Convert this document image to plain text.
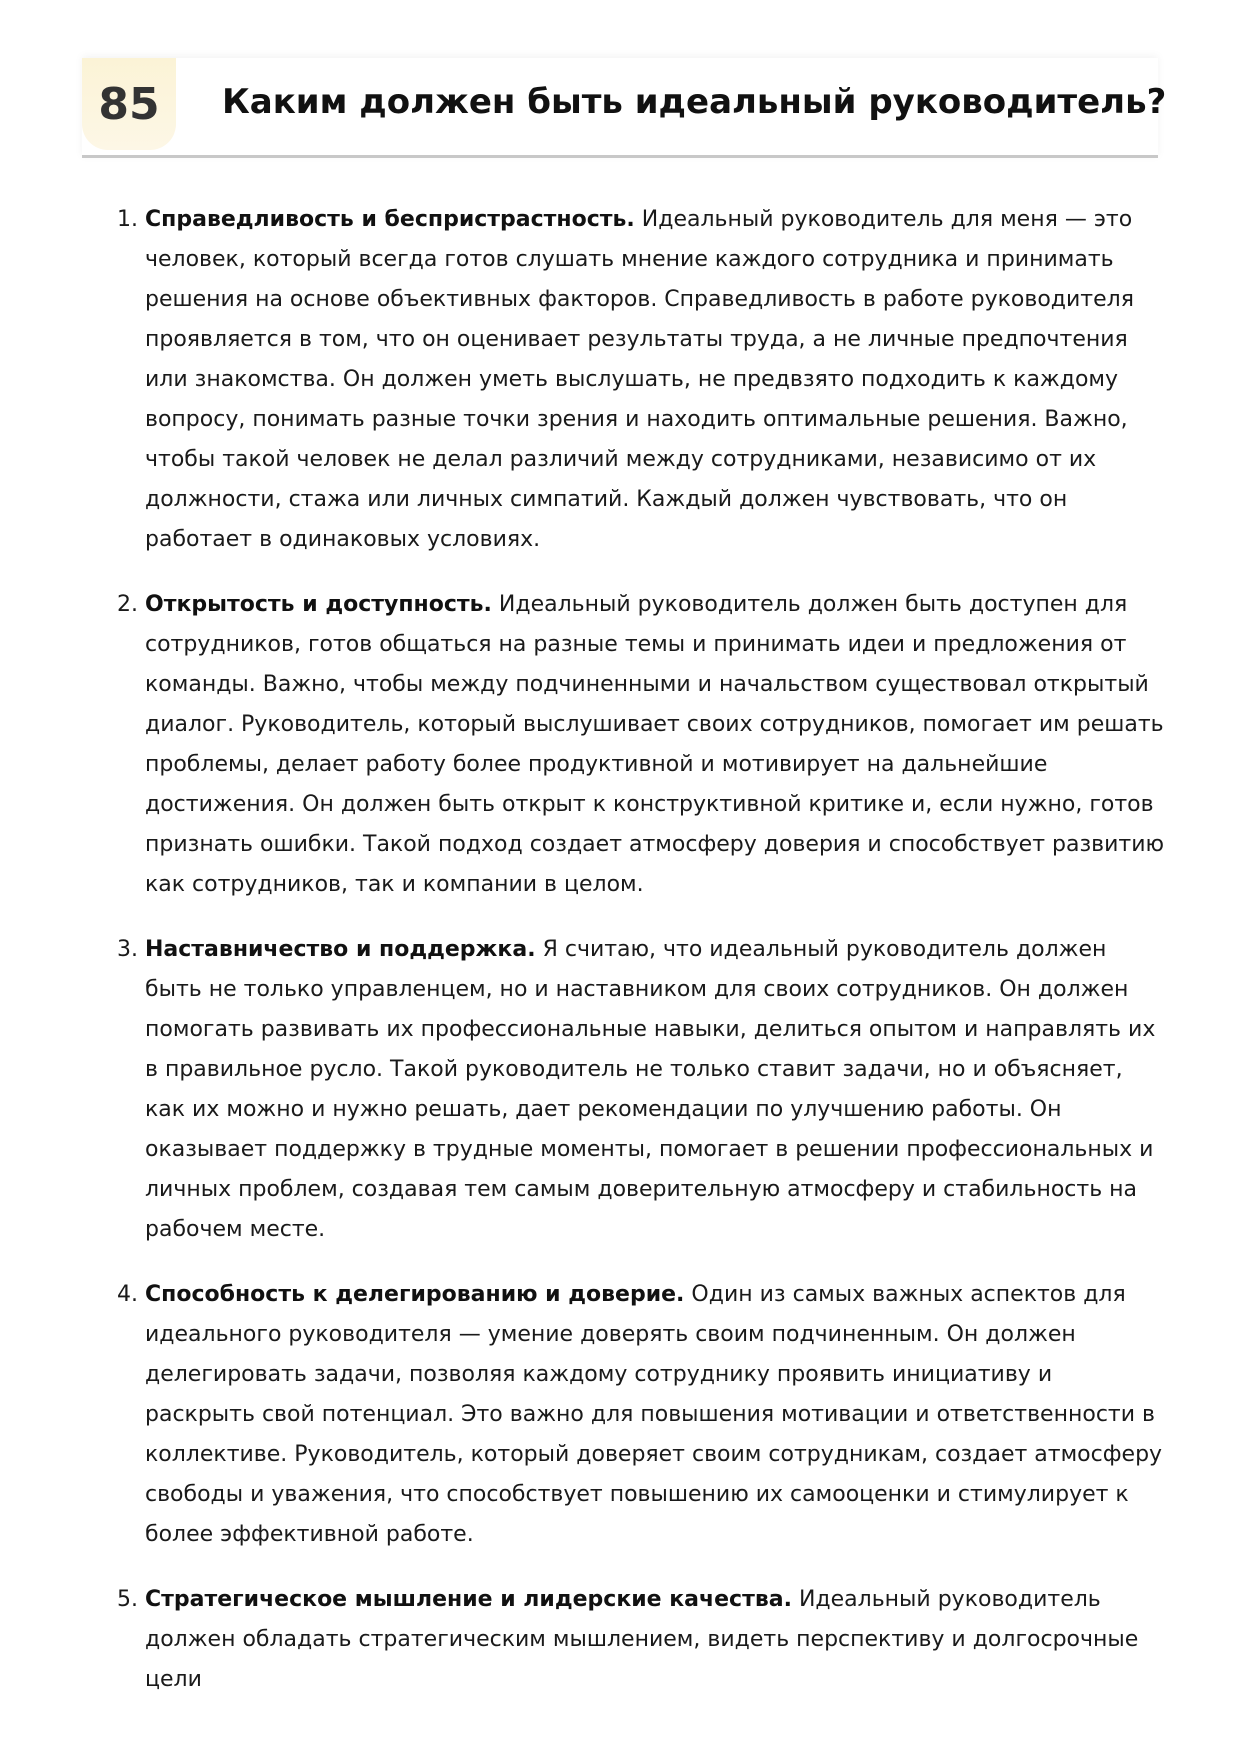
85	Каким должен быть идеальный руководитель?
1. Справедливость и беспристрастность. Идеальный руководитель для меня — это человек, который всегда готов слушать мнение каждого сотрудника и принимать решения на основе объективных факторов. Справедливость в работе руководителя проявляется в том, что он оценивает результаты труда, а не личные предпочтения или знакомства. Он должен уметь выслушать, не предвзято подходить к каждому вопросу, понимать разные точки зрения и находить оптимальные решения. Важно, чтобы такой человек не делал различий между сотрудниками, независимо от их должности, стажа или личных симпатий. Каждый должен чувствовать, что он работает в одинаковых условиях.
2. Открытость и доступность. Идеальный руководитель должен быть доступен для сотрудников, готов общаться на разные темы и принимать идеи и предложения от команды. Важно, чтобы между подчиненными и начальством существовал открытый диалог. Руководитель, который выслушивает своих сотрудников, помогает им решать проблемы, делает работу более продуктивной и мотивирует на дальнейшие достижения. Он должен быть открыт к конструктивной критике и, если нужно, готов признать ошибки. Такой подход создает атмосферу доверия и способствует развитию как сотрудников, так и компании в целом.
3. Наставничество и поддержка. Я считаю, что идеальный руководитель должен быть не только управленцем, но и наставником для своих сотрудников. Он должен помогать развивать их профессиональные навыки, делиться опытом и направлять их в правильное русло. Такой руководитель не только ставит задачи, но и объясняет, как их можно и нужно решать, дает рекомендации по улучшению работы. Он оказывает поддержку в трудные моменты, помогает в решении профессиональных и личных проблем, создавая тем самым доверительную атмосферу и стабильность на рабочем месте.
4. Способность к делегированию и доверие. Один из самых важных аспектов для идеального руководителя — умение доверять своим подчиненным. Он должен делегировать задачи, позволяя каждому сотруднику проявить инициативу и раскрыть свой потенциал. Это важно для повышения мотивации и ответственности в коллективе. Руководитель, который доверяет своим сотрудникам, создает атмосферу свободы и уважения, что способствует повышению их самооценки и стимулирует к более эффективной работе.
5. Стратегическое мышление и лидерские качества. Идеальный руководитель должен обладать стратегическим мышлением, видеть перспективу и долгосрочные цели
